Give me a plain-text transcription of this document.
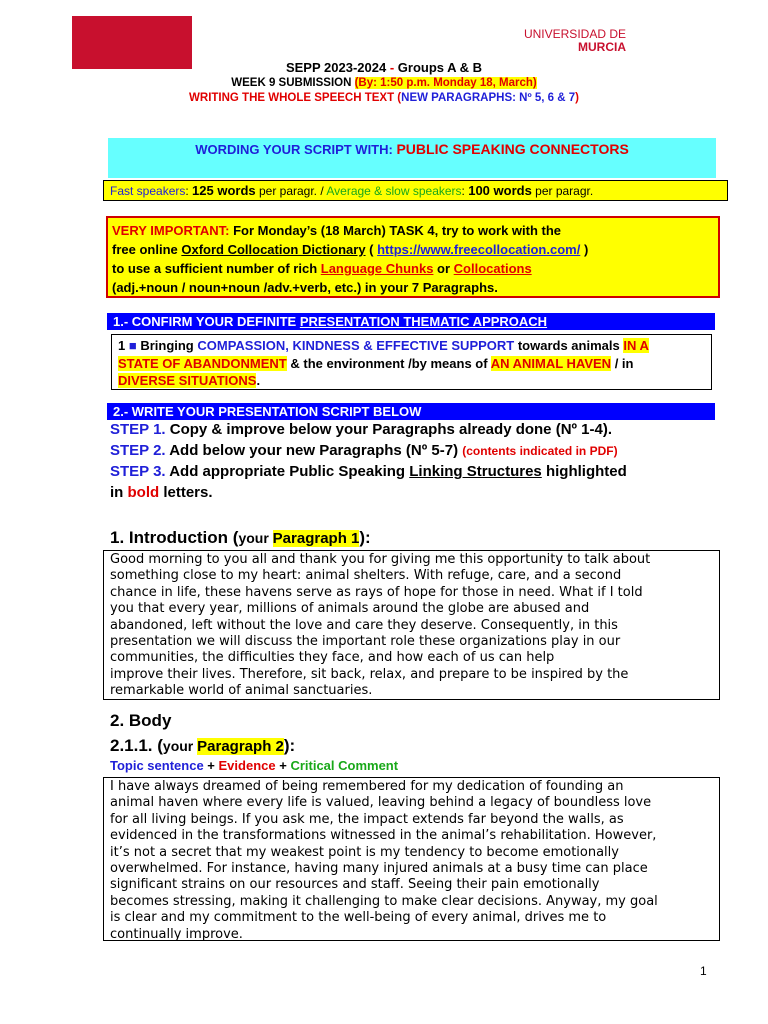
UNIVERSIDAD DE

MURCIA
SEPP 2023-2024 - Groups A & B
WEEK 9 SUBMISSION (By: 1:50 p.m. Monday 18, March)
WRITING THE WHOLE SPEECH TEXT (NEW PARAGRAPHS: Nº 5, 6 & 7)
WORDING YOUR SCRIPT WITH: PUBLIC SPEAKING CONNECTORS
Fast speakers: 125 words per paragr. / Average & slow speakers: 100 words per paragr.
VERY IMPORTANT: For Monday’s (18 March) TASK 4, try to work with the
free online Oxford Collocation Dictionary ( https://www.freecollocation.com/ )
to use a sufficient number of rich Language Chunks or Collocations
(adj.+noun / noun+noun /adv.+verb, etc.) in your 7 Paragraphs.
1.- CONFIRM YOUR DEFINITE PRESENTATION THEMATIC APPROACH
1 ■ Bringing COMPASSION, KINDNESS & EFFECTIVE SUPPORT towards animals IN A
STATE OF ABANDONMENT & the environment /by means of AN ANIMAL HAVEN / in
DIVERSE SITUATIONS.
2.- WRITE YOUR PRESENTATION SCRIPT BELOW
STEP 1. Copy & improve below your Paragraphs already done (Nº 1-4).
STEP 2. Add below your new Paragraphs (Nº 5-7) (contents indicated in PDF)
STEP 3. Add appropriate Public Speaking Linking Structures highlighted
in bold letters.
1. Introduction (your Paragraph 1):
Good morning to you all and thank you for giving me this opportunity to talk about
something close to my heart: animal shelters. With refuge, care, and a second
chance in life, these havens serve as rays of hope for those in need. What if I told
you that every year, millions of animals around the globe are abused and
abandoned, left without the love and care they deserve. Consequently, in this
presentation we will discuss the important role these organizations play in our
communities, the difficulties they face, and how each of us can help
improve their lives. Therefore, sit back, relax, and prepare to be inspired by the
remarkable world of animal sanctuaries.
2. Body
2.1.1. (your Paragraph 2):
Topic sentence + Evidence + Critical Comment
I have always dreamed of being remembered for my dedication of founding an
animal haven where every life is valued, leaving behind a legacy of boundless love
for all living beings. If you ask me, the impact extends far beyond the walls, as
evidenced in the transformations witnessed in the animal’s rehabilitation. However,
it’s not a secret that my weakest point is my tendency to become emotionally
overwhelmed. For instance, having many injured animals at a busy time can place
significant strains on our resources and staff. Seeing their pain emotionally
becomes stressing, making it challenging to make clear decisions. Anyway, my goal
is clear and my commitment to the well-being of every animal, drives me to
continually improve.
1
